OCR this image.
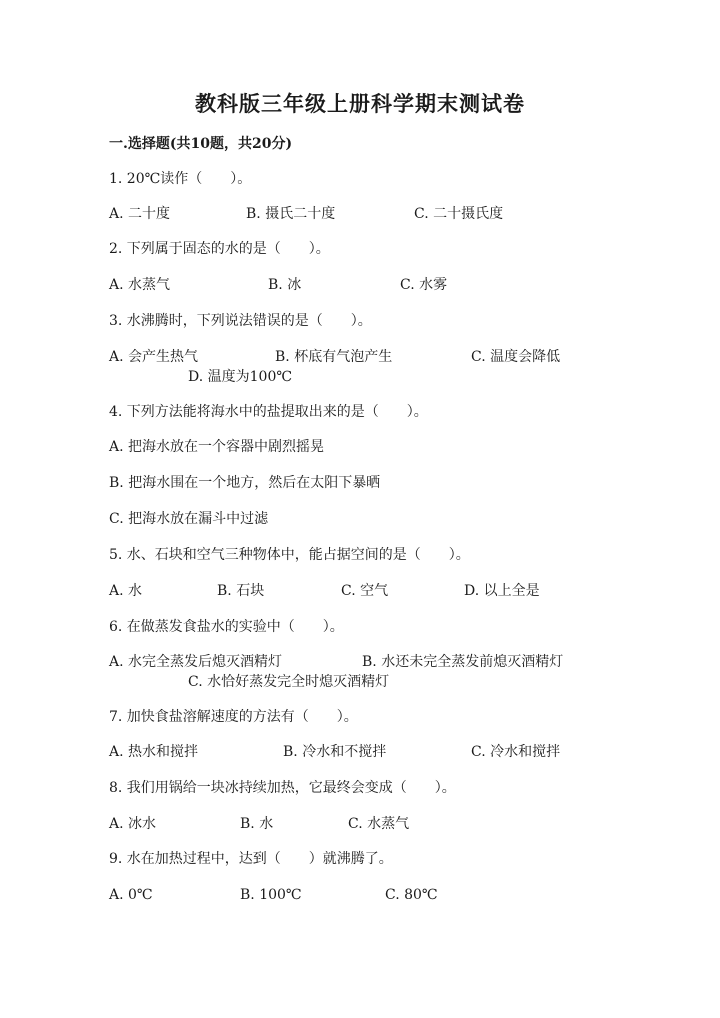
教科版三年级上册科学期末测试卷
一.选择题(共10题，共20分)
1. 20℃读作（　　）。
A. 二十度	B. 摄氏二十度	C. 二十摄氏度
2. 下列属于固态的水的是（　　）。
A. 水蒸气	B. 冰	C. 水雾
3. 水沸腾时，下列说法错误的是（　　）。
A. 会产生热气	B. 杯底有气泡产生	C. 温度会降低
D. 温度为100℃
4. 下列方法能将海水中的盐提取出来的是（　　）。
A. 把海水放在一个容器中剧烈摇晃
B. 把海水围在一个地方，然后在太阳下暴晒
C. 把海水放在漏斗中过滤
5. 水、石块和空气三种物体中，能占据空间的是（　　）。
A. 水	B. 石块	C. 空气	D. 以上全是
6. 在做蒸发食盐水的实验中（　　）。
A. 水完全蒸发后熄灭酒精灯	B. 水还未完全蒸发前熄灭酒精灯
C. 水恰好蒸发完全时熄灭酒精灯
7. 加快食盐溶解速度的方法有（　　）。
A. 热水和搅拌	B. 冷水和不搅拌	C. 冷水和搅拌
8. 我们用锅给一块冰持续加热，它最终会变成（　　）。
A. 冰水	B. 水	C. 水蒸气
9. 水在加热过程中，达到（　　）就沸腾了。
A. 0℃	B. 100℃	C. 80℃
